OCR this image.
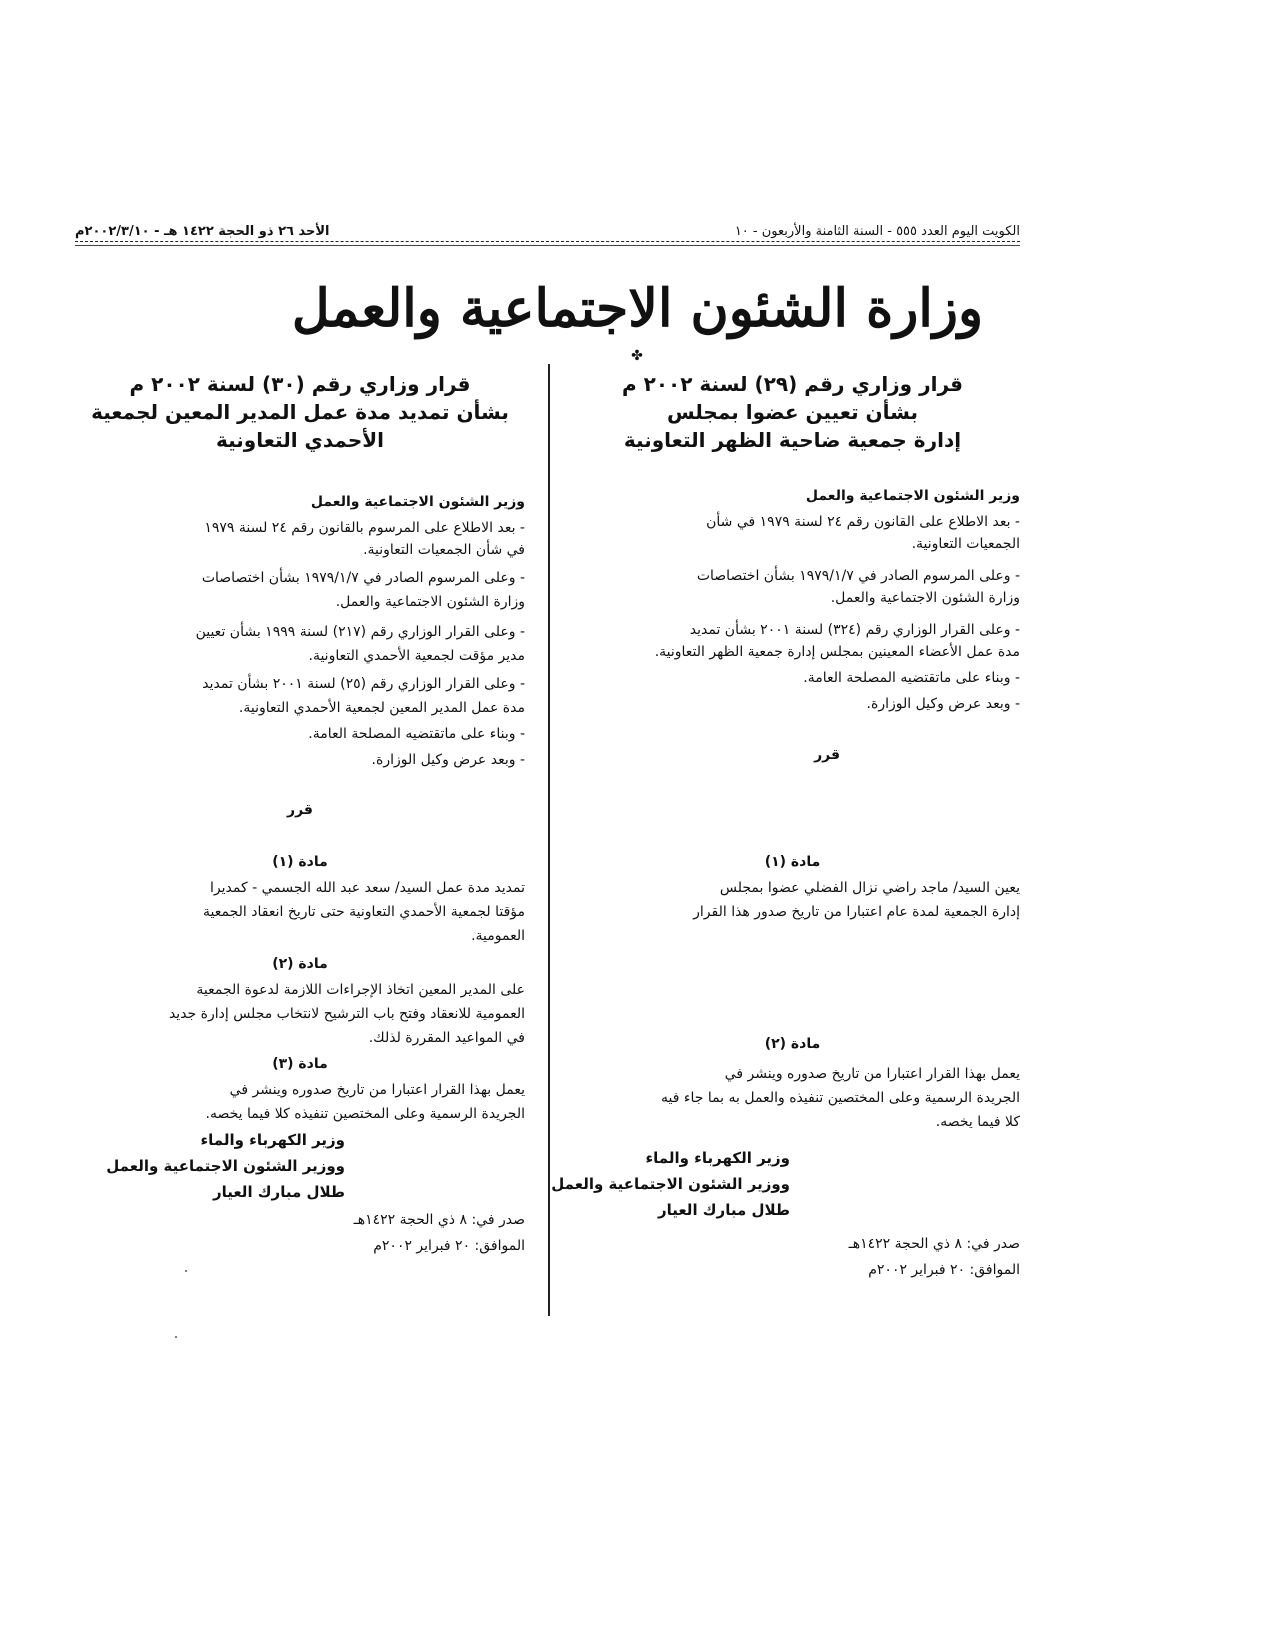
الأحد ٢٦ ذو الحجة ١٤٢٢ هـ - ٢٠٠٢/٣/١٠م	الكويت اليوم العدد ٥٥٥ - السنة الثامنة والأربعون - ١٠
وزارة الشئون الاجتماعية والعمل
✤
قرار وزاري رقم (٢٩) لسنة ٢٠٠٢ م
بشأن تعيين عضوا بمجلس
إدارة جمعية ضاحية الظهر التعاونية
وزير الشئون الاجتماعية والعمل
- بعد الاطلاع على القانون رقم ٢٤ لسنة ١٩٧٩ في شأن
الجمعيات التعاونية.
- وعلى المرسوم الصادر في ١٩٧٩/١/٧ بشأن اختصاصات
وزارة الشئون الاجتماعية والعمل.
- وعلى القرار الوزاري رقم (٣٢٤) لسنة ٢٠٠١ بشأن تمديد
مدة عمل الأعضاء المعينين بمجلس إدارة جمعية الظهر التعاونية.
- وبناء على ماتقتضيه المصلحة العامة.
- وبعد عرض وكيل الوزارة.
قرر
مادة (١)
يعين السيد/ ماجد راضي نزال الفضلي عضوا بمجلس
إدارة الجمعية لمدة عام اعتبارا من تاريخ صدور هذا القرار
مادة (٢)
يعمل بهذا القرار اعتبارا من تاريخ صدوره وينشر في
الجريدة الرسمية وعلى المختصين تنفيذه والعمل به بما جاء فيه
كلا فيما يخصه.
وزير الكهرباء والماء
ووزير الشئون الاجتماعية والعمل
طلال مبارك العيار
صدر في: ٨ ذي الحجة ١٤٢٢هـ
الموافق: ٢٠ فبراير ٢٠٠٢م
قرار وزاري رقم (٣٠) لسنة ٢٠٠٢ م
بشأن تمديد مدة عمل المدير المعين لجمعية
الأحمدي التعاونية
وزير الشئون الاجتماعية والعمل
- بعد الاطلاع على المرسوم بالقانون رقم ٢٤ لسنة ١٩٧٩
في شأن الجمعيات التعاونية.
- وعلى المرسوم الصادر في ١٩٧٩/١/٧ بشأن اختصاصات
وزارة الشئون الاجتماعية والعمل.
- وعلى القرار الوزاري رقم (٢١٧) لسنة ١٩٩٩ بشأن تعيين
مدير مؤقت لجمعية الأحمدي التعاونية.
- وعلى القرار الوزاري رقم (٢٥) لسنة ٢٠٠١ بشأن تمديد
مدة عمل المدير المعين لجمعية الأحمدي التعاونية.
- وبناء على ماتقتضيه المصلحة العامة.
- وبعد عرض وكيل الوزارة.
قرر
مادة (١)
تمديد مدة عمل السيد/ سعد عبد الله الجسمي - كمديرا
مؤقتا لجمعية الأحمدي التعاونية حتى تاريخ انعقاد الجمعية
العمومية.
مادة (٢)
على المدير المعين اتخاذ الإجراءات اللازمة لدعوة الجمعية
العمومية للانعقاد وفتح باب الترشيح لانتخاب مجلس إدارة جديد
في المواعيد المقررة لذلك.
مادة (٣)
يعمل بهذا القرار اعتبارا من تاريخ صدوره وينشر في
الجريدة الرسمية وعلى المختصين تنفيذه كلا فيما يخصه.
وزير الكهرباء والماء
ووزير الشئون الاجتماعية والعمل
طلال مبارك العيار
صدر في: ٨ ذي الحجة ١٤٢٢هـ
الموافق: ٢٠ فبراير ٢٠٠٢م
